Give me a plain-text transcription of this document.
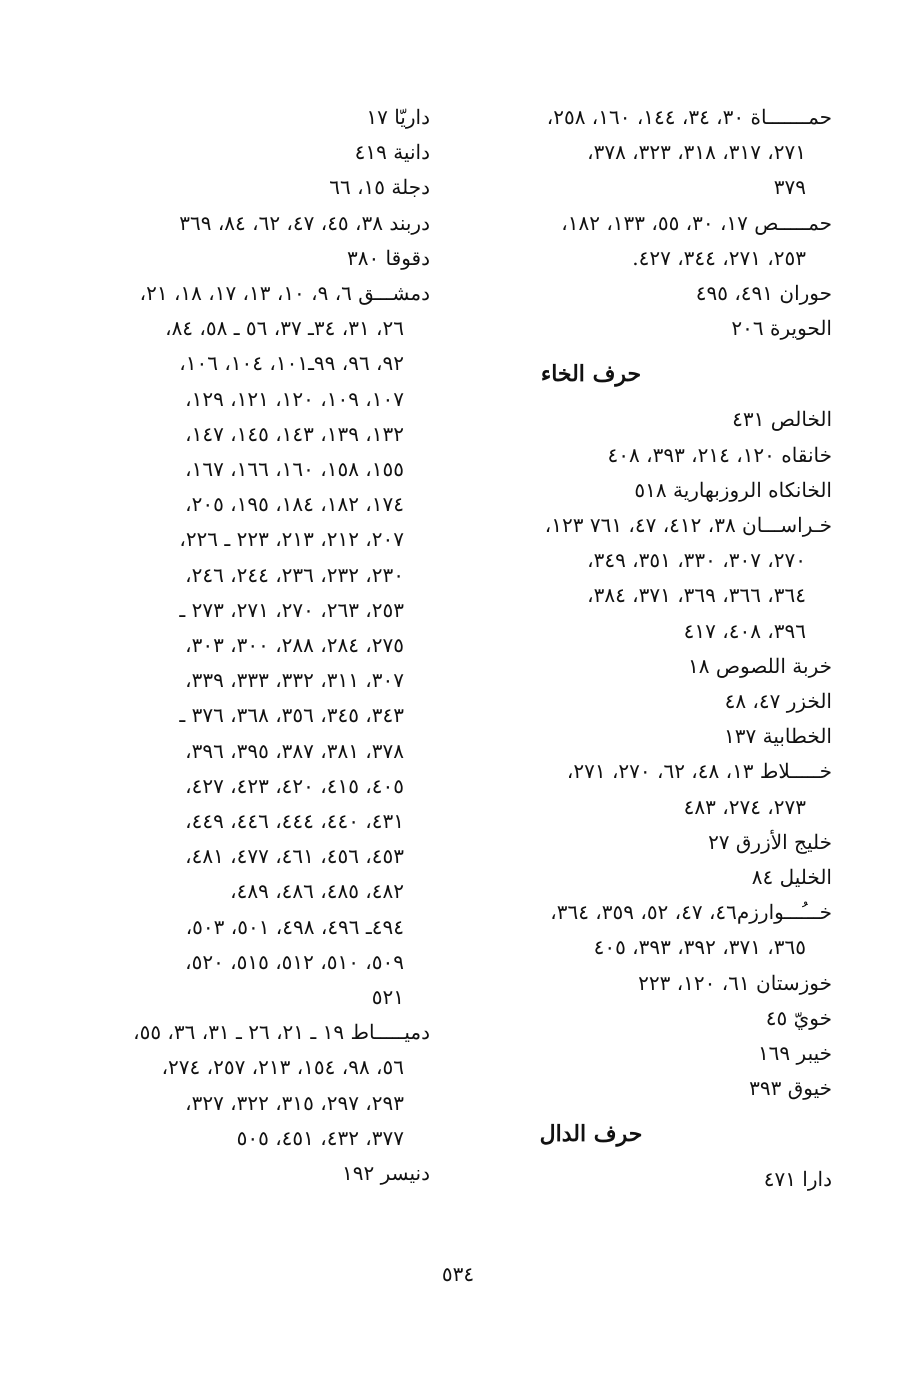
حمـــــــاة ٣٠، ٣٤، ١٤٤، ١٦٠، ٢٥٨،
٢٧١، ٣١٧، ٣١٨، ٣٢٣، ٣٧٨،
٣٧٩
حمـــــص ١٧، ٣٠، ٥٥، ١٣٣، ١٨٢،
٢٥٣، ٢٧١، ٣٤٤، ٤٢٧.
حوران ٤٩١، ٤٩٥
الحويرة ٢٠٦
حرف الخاء
الخالص ٤٣١
خانقاه ١٢٠، ٢١٤، ٣٩٣، ٤٠٨
الخانكاه الروزبهارية ٥١٨
خـراســـان ٣٨، ٤١٢، ٤٧، ٧٦١ ١٢٣،
٢٧٠، ٣٠٧، ٣٣٠، ٣٥١، ٣٤٩،
٣٦٤، ٣٦٦، ٣٦٩، ٣٧١، ٣٨٤،
٣٩٦، ٤٠٨، ٤١٧
خربة اللصوص ١٨
الخزر ٤٧، ٤٨
الخطابية ١٣٧
خـــــلاط ١٣، ٤٨، ٦٢، ٢٧٠، ٢٧١،
٢٧٣، ٢٧٤، ٤٨٣
خليج الأزرق ٢٧
الخليل ٨٤
خـــُـــوارزم٤٦، ٤٧، ٥٢، ٣٥٩، ٣٦٤،
٣٦٥، ٣٧١، ٣٩٢، ٣٩٣، ٤٠٥
خوزستان ٦١، ١٢٠، ٢٢٣
خويّ ٤٥
خيبر ١٦٩
خيوق ٣٩٣
حرف الدال
دارا ٤٧١
داريّا ١٧
دانية ٤١٩
دجلة ١٥، ٦٦
دربند ٣٨، ٤٥، ٤٧، ٦٢، ٨٤، ٣٦٩
دقوقا ٣٨٠
دمشـــق ٦، ٩، ١٠، ١٣، ١٧، ١٨، ٢١،
٢٦، ٣١، ٣٤ـ ٣٧، ٥٦ ـ ٥٨، ٨٤،
٩٢، ٩٦، ٩٩ـ١٠١، ١٠٤، ١٠٦،
١٠٧، ١٠٩، ١٢٠، ١٢١، ١٢٩،
١٣٢، ١٣٩، ١٤٣، ١٤٥، ١٤٧،
١٥٥، ١٥٨، ١٦٠، ١٦٦، ١٦٧،
١٧٤، ١٨٢، ١٨٤، ١٩٥، ٢٠٥،
٢٠٧، ٢١٢، ٢١٣، ٢٢٣ ـ ٢٢٦،
٢٣٠، ٢٣٢، ٢٣٦، ٢٤٤، ٢٤٦،
٢٥٣، ٢٦٣، ٢٧٠، ٢٧١، ٢٧٣ ـ
٢٧٥، ٢٨٤، ٢٨٨، ٣٠٠، ٣٠٣،
٣٠٧، ٣١١، ٣٣٢، ٣٣٣، ٣٣٩،
٣٤٣، ٣٤٥، ٣٥٦، ٣٦٨، ٣٧٦ ـ
٣٧٨، ٣٨١، ٣٨٧، ٣٩٥، ٣٩٦،
٤٠٥، ٤١٥، ٤٢٠، ٤٢٣، ٤٢٧،
٤٣١، ٤٤٠، ٤٤٤، ٤٤٦، ٤٤٩،
٤٥٣، ٤٥٦، ٤٦١، ٤٧٧، ٤٨١،
٤٨٢، ٤٨٥، ٤٨٦، ٤٨٩،
٤٩٤ـ ٤٩٦، ٤٩٨، ٥٠١، ٥٠٣،
٥٠٩، ٥١٠، ٥١٢، ٥١٥، ٥٢٠،
٥٢١
دميـــــاط ١٩ ـ ٢١، ٢٦ ـ ٣١، ٣٦، ٥٥،
٥٦، ٩٨، ١٥٤، ٢١٣، ٢٥٧، ٢٧٤،
٢٩٣، ٢٩٧، ٣١٥، ٣٢٢، ٣٢٧،
٣٧٧، ٤٣٢، ٤٥١، ٥٠٥
دنيسر ١٩٢
٥٣٤
